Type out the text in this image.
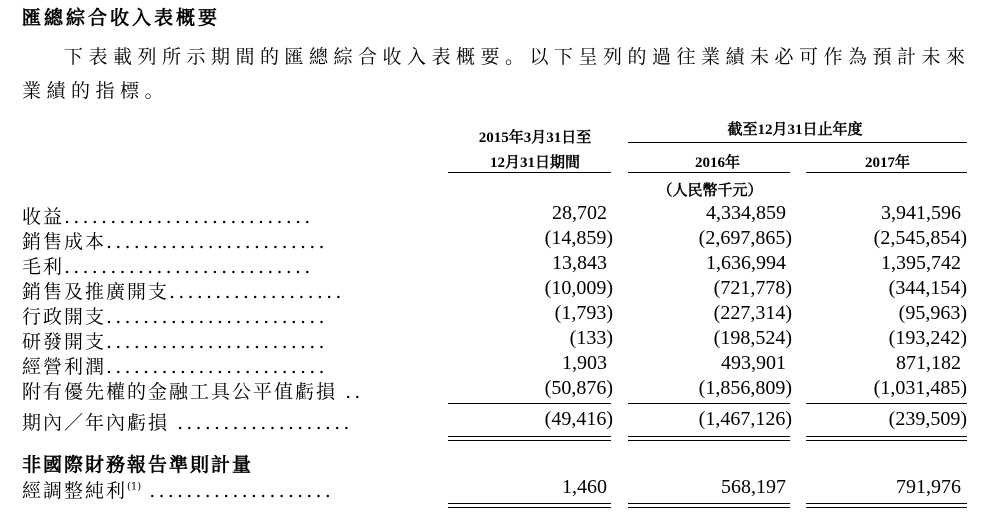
匯總綜合收入表概要
下表載列所示期間的匯總綜合收入表概要。以下呈列的過往業績未必可作為預計未來業績的指標。
2015年3月31日至
12月31日期間
截至12月31日止年度
2016年	2017年
（人民幣千元）
收益...........................	28,702	4,334,859	3,941,596
銷售成本........................	(14,859)	(2,697,865)	(2,545,854)
毛利...........................	13,843	1,636,994	1,395,742
銷售及推廣開支...................	(10,009)	(721,778)	(344,154)
行政開支........................	(1,793)	(227,314)	(95,963)
研發開支........................	(133)	(198,524)	(193,242)
經營利潤........................	1,903	493,901	871,182
附有優先權的金融工具公平值虧損 ..	(50,876)	(1,856,809)	(1,031,485)
期內／年內虧損 ...................	(49,416)	(1,467,126)	(239,509)
非國際財務報告準則計量
經調整純利$^{(1)}$ ....................	1,460	568,197	791,976
